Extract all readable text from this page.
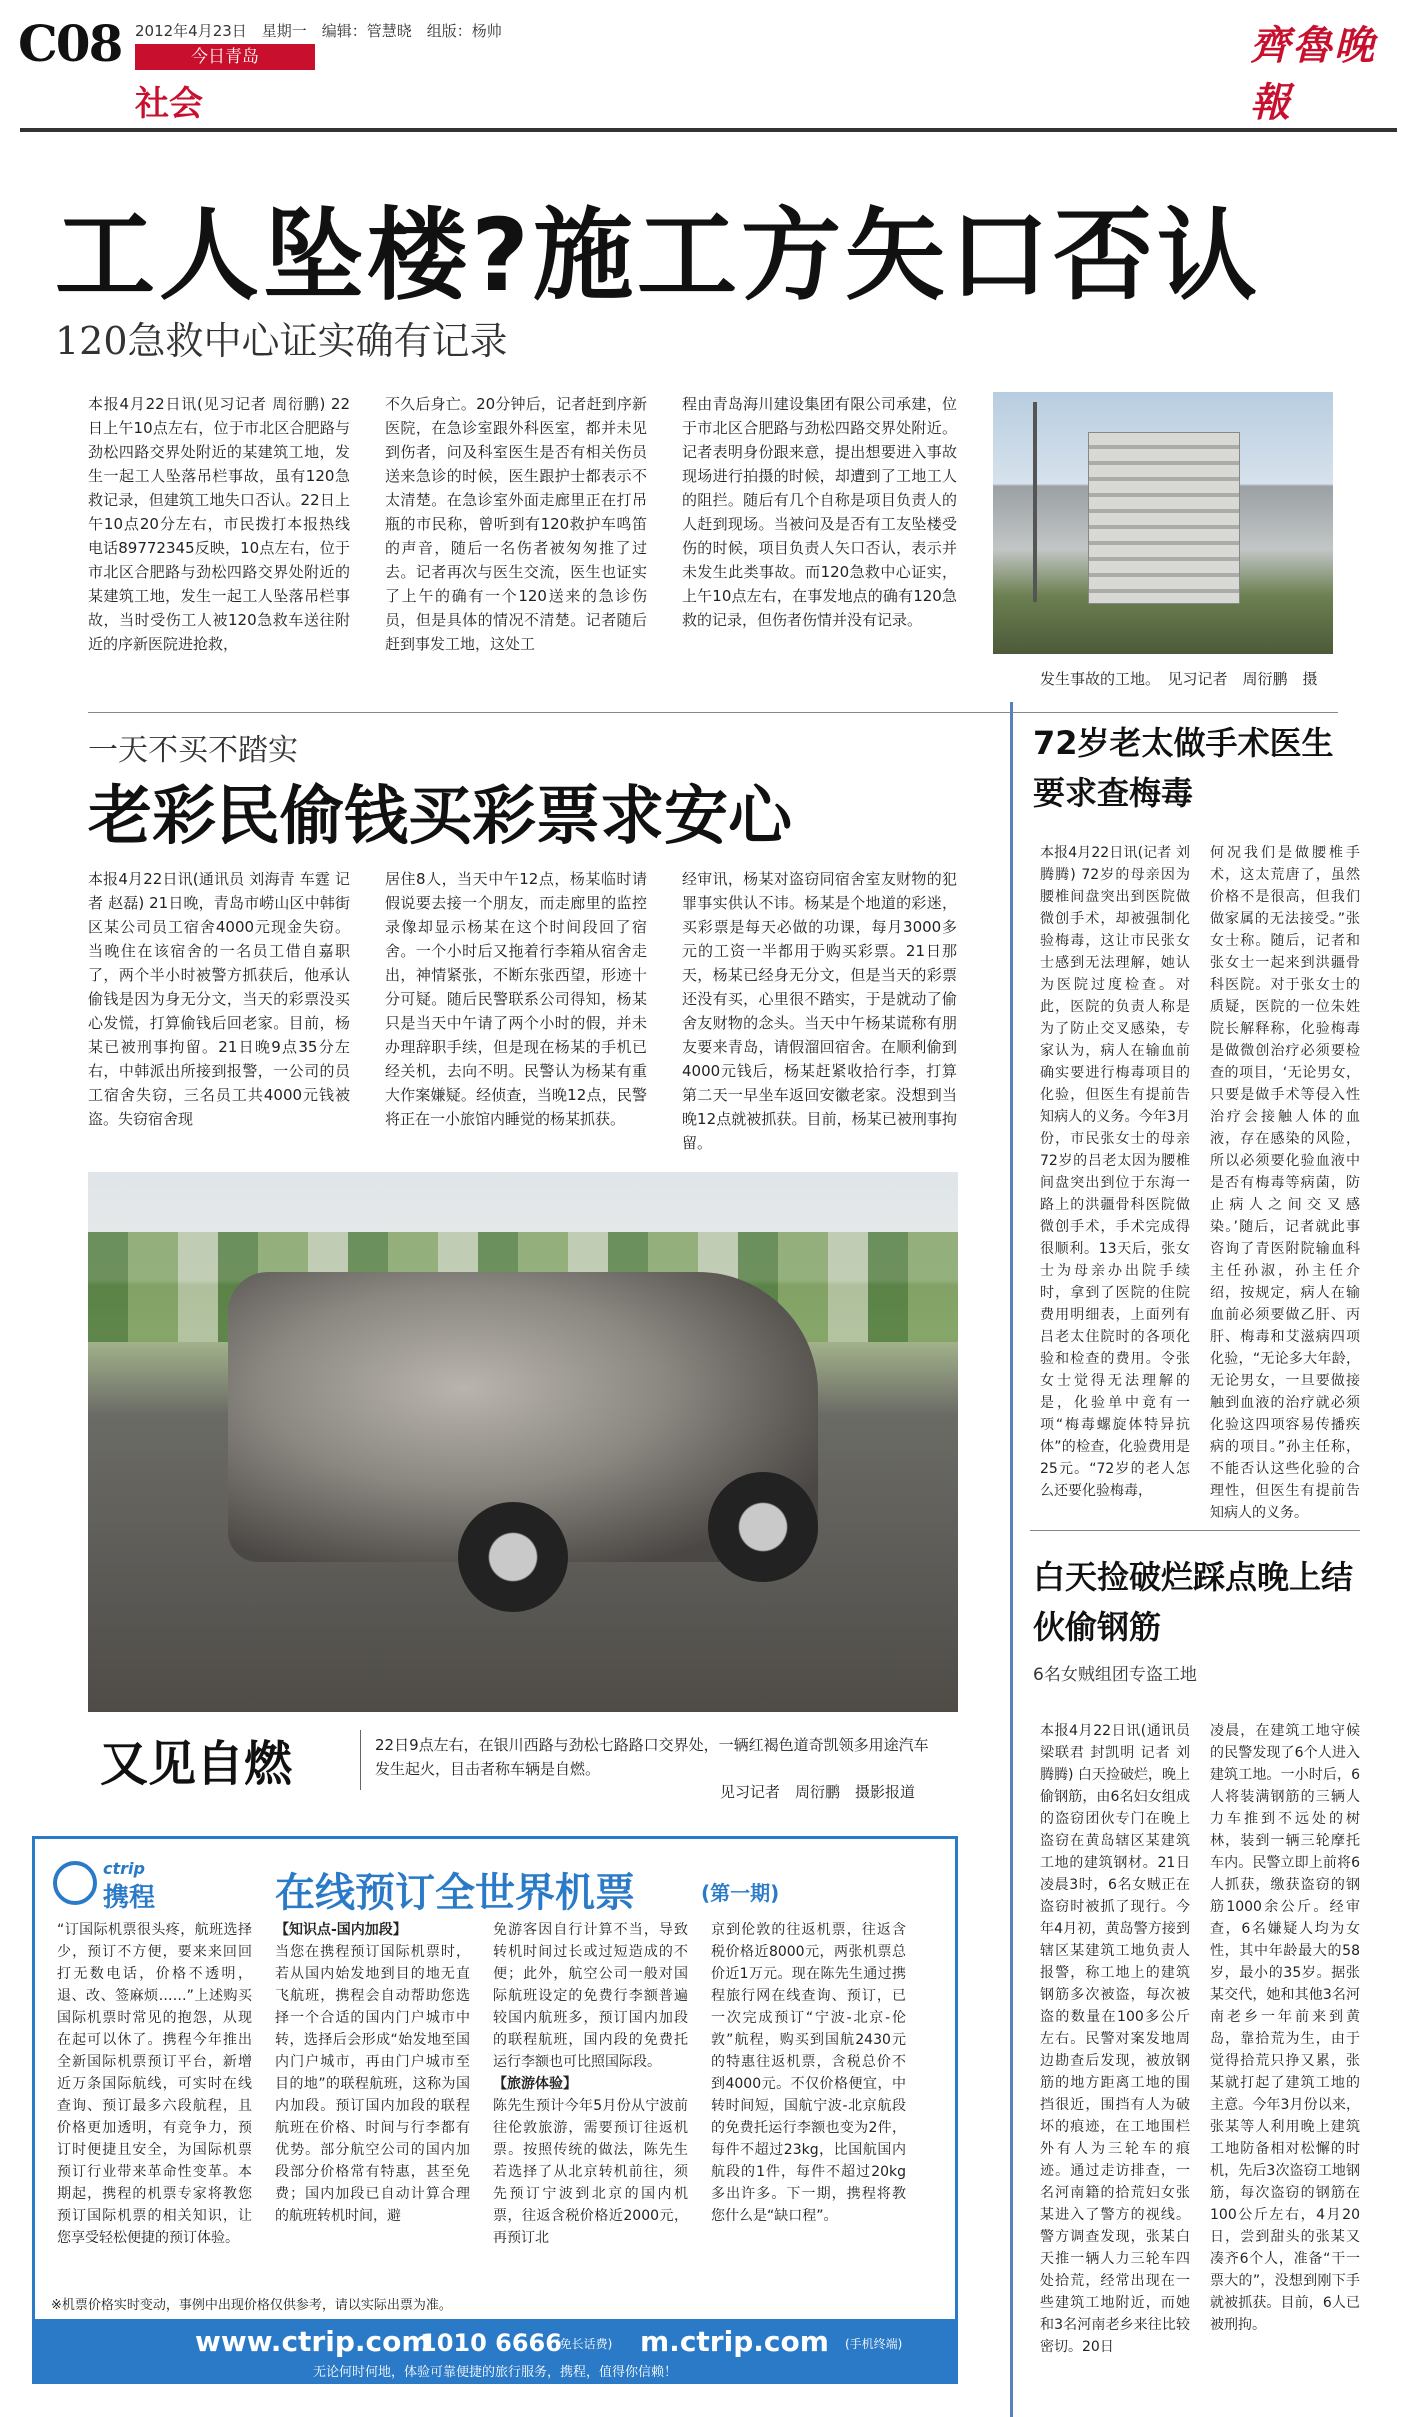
C08 2012年4月23日　星期一　编辑：管慧晓　组版：杨帅
今日青岛
社会
齊魯晚報
工人坠楼?施工方矢口否认
120急救中心证实确有记录
本报4月22日讯(见习记者 周衍鹏) 22日上午10点左右，位于市北区合肥路与劲松四路交界处附近的某建筑工地，发生一起工人坠落吊栏事故，虽有120急救记录，但建筑工地失口否认。22日上午10点20分左右，市民拨打本报热线电话89772345反映，10点左右，位于市北区合肥路与劲松四路交界处附近的某建筑工地，发生一起工人坠落吊栏事故，当时受伤工人被120急救车送往附近的序新医院进抢救，
不久后身亡。20分钟后，记者赶到序新医院，在急诊室跟外科医室，都并未见到伤者，问及科室医生是否有相关伤员送来急诊的时候，医生跟护士都表示不太清楚。在急诊室外面走廊里正在打吊瓶的市民称，曾听到有120救护车鸣笛的声音，随后一名伤者被匆匆推了过去。记者再次与医生交流，医生也证实了上午的确有一个120送来的急诊伤员，但是具体的情况不清楚。记者随后赶到事发工地，这处工
程由青岛海川建设集团有限公司承建，位于市北区合肥路与劲松四路交界处附近。记者表明身份跟来意，提出想要进入事故现场进行拍摄的时候，却遭到了工地工人的阻拦。随后有几个自称是项目负责人的人赶到现场。当被问及是否有工友坠楼受伤的时候，项目负责人矢口否认，表示并未发生此类事故。而120急救中心证实，上午10点左右，在事发地点的确有120急救的记录，但伤者伤情并没有记录。
发生事故的工地。　见习记者　周衍鹏　摄
一天不买不踏实
老彩民偷钱买彩票求安心
本报4月22日讯(通讯员 刘海青 车霆 记者 赵磊) 21日晚，青岛市崂山区中韩街区某公司员工宿舍4000元现金失窃。当晚住在该宿舍的一名员工借自嘉职了，两个半小时被警方抓获后，他承认偷钱是因为身无分文，当天的彩票没买心发慌，打算偷钱后回老家。目前，杨某已被刑事拘留。21日晚9点35分左右，中韩派出所接到报警，一公司的员工宿舍失窃，三名员工共4000元钱被盗。失窃宿舍现
居住8人，当天中午12点，杨某临时请假说要去接一个朋友，而走廊里的监控录像却显示杨某在这个时间段回了宿舍。一个小时后又拖着行李箱从宿舍走出，神情紧张，不断东张西望，形迹十分可疑。随后民警联系公司得知，杨某只是当天中午请了两个小时的假，并未办理辞职手续，但是现在杨某的手机已经关机，去向不明。民警认为杨某有重大作案嫌疑。经侦查，当晚12点，民警将正在一小旅馆内睡觉的杨某抓获。
经审讯，杨某对盗窃同宿舍室友财物的犯罪事实供认不讳。杨某是个地道的彩迷，买彩票是每天必做的功课，每月3000多元的工资一半都用于购买彩票。21日那天，杨某已经身无分文，但是当天的彩票还没有买，心里很不踏实，于是就动了偷舍友财物的念头。当天中午杨某谎称有朋友要来青岛，请假溜回宿舍。在顺利偷到4000元钱后，杨某赶紧收拾行李，打算第二天一早坐车返回安徽老家。没想到当晚12点就被抓获。目前，杨某已被刑事拘留。
又见自燃	22日9点左右，在银川西路与劲松七路路口交界处，一辆红褐色道奇凯领多用途汽车发生起火，目击者称车辆是自燃。
见习记者　周衍鹏　摄影报道
72岁老太做手术医生要求查梅毒
本报4月22日讯(记者 刘腾腾) 72岁的母亲因为腰椎间盘突出到医院做微创手术，却被强制化验梅毒，这让市民张女士感到无法理解，她认为医院过度检查。对此，医院的负责人称是为了防止交叉感染，专家认为，病人在输血前确实要进行梅毒项目的化验，但医生有提前告知病人的义务。今年3月份，市民张女士的母亲72岁的吕老太因为腰椎间盘突出到位于东海一路上的洪疆骨科医院做微创手术，手术完成得很顺利。13天后，张女士为母亲办出院手续时，拿到了医院的住院费用明细表，上面列有吕老太住院时的各项化验和检查的费用。令张女士觉得无法理解的是，化验单中竟有一项“梅毒螺旋体特异抗体”的检查，化验费用是25元。“72岁的老人怎么还要化验梅毒，
何况我们是做腰椎手术，这太荒唐了，虽然价格不是很高，但我们做家属的无法接受。”张女士称。随后，记者和张女士一起来到洪疆骨科医院。对于张女士的质疑，医院的一位朱姓院长解释称，化验梅毒是做微创治疗必须要检查的项目，‘无论男女，只要是做手术等侵入性治疗会接触人体的血液，存在感染的风险，所以必须要化验血液中是否有梅毒等病菌，防止病人之间交叉感染。’随后，记者就此事咨询了青医附院输血科主任孙淑，孙主任介绍，按规定，病人在输血前必须要做乙肝、丙肝、梅毒和艾滋病四项化验，“无论多大年龄，无论男女，一旦要做接触到血液的治疗就必须化验这四项容易传播疾病的项目。”孙主任称，不能否认这些化验的合理性，但医生有提前告知病人的义务。
白天捡破烂踩点晚上结伙偷钢筋
6名女贼组团专盗工地
本报4月22日讯(通讯员 梁联君 封凯明 记者 刘腾腾) 白天捡破烂，晚上偷钢筋，由6名妇女组成的盗窃团伙专门在晚上盗窃在黄岛辖区某建筑工地的建筑钢材。21日凌晨3时，6名女贼正在盗窃时被抓了现行。今年4月初，黄岛警方接到辖区某建筑工地负责人报警，称工地上的建筑钢筋多次被盗，每次被盗的数量在100多公斤左右。民警对案发地周边勘查后发现，被放钢筋的地方距离工地的围挡很近，围挡有人为破坏的痕迹，在工地围栏外有人为三轮车的痕迹。通过走访排查，一名河南籍的拾荒妇女张某进入了警方的视线。警方调查发现，张某白天推一辆人力三轮车四处拾荒，经常出现在一些建筑工地附近，而她和3名河南老乡来往比较密切。20日
凌晨，在建筑工地守候的民警发现了6个人进入建筑工地。一小时后，6人将装满钢筋的三辆人力车推到不远处的树林，装到一辆三轮摩托车内。民警立即上前将6人抓获，缴获盗窃的钢筋1000余公斤。经审查，6名嫌疑人均为女性，其中年龄最大的58岁，最小的35岁。据张某交代，她和其他3名河南老乡一年前来到黄岛，靠拾荒为生，由于觉得拾荒只挣又累，张某就打起了建筑工地的主意。今年3月份以来，张某等人利用晚上建筑工地防备相对松懈的时机，先后3次盗窃工地钢筋，每次盗窃的钢筋在100公斤左右，4月20日，尝到甜头的张某又凑齐6个人，准备“干一票大的”，没想到刚下手就被抓获。目前，6人已被刑拘。
ctrip
携程	在线预订全世界机票	(第一期)
“订国际机票很头疼，航班选择少，预订不方便，要来来回回打无数电话，价格不透明，退、改、签麻烦……”上述购买国际机票时常见的抱怨，从现在起可以休了。携程今年推出全新国际机票预订平台，新增近万条国际航线，可实时在线查询、预订最多六段航程，且价格更加透明，有竞争力，预订时便捷且安全，为国际机票预订行业带来革命性变革。本期起，携程的机票专家将教您预订国际机票的相关知识，让您享受轻松便捷的预订体验。
【知识点-国内加段】
当您在携程预订国际机票时，若从国内始发地到目的地无直飞航班，携程会自动帮助您选择一个合适的国内门户城市中转，选择后会形成“始发地至国内门户城市，再由门户城市至目的地”的联程航班，这称为国内加段。预订国内加段的联程航班在价格、时间与行李都有优势。部分航空公司的国内加段部分价格常有特惠，甚至免费；国内加段已自动计算合理的航班转机时间，避
免游客因自行计算不当，导致转机时间过长或过短造成的不便；此外，航空公司一般对国际航班设定的免费行李额普遍较国内航班多，预订国内加段的联程航班，国内段的免费托运行李额也可比照国际段。
【旅游体验】
陈先生预计今年5月份从宁波前往伦敦旅游，需要预订往返机票。按照传统的做法，陈先生若选择了从北京转机前往，须先预订宁波到北京的国内机票，往返含税价格近2000元，再预订北
京到伦敦的往返机票，往返含税价格近8000元，两张机票总价近1万元。现在陈先生通过携程旅行网在线查询、预订，已一次完成预订“宁波-北京-伦敦”航程，购买到国航2430元的特惠往返机票，含税总价不到4000元。不仅价格便宜，中转时间短，国航宁波-北京航段的免费托运行李额也变为2件，每件不超过23kg，比国航国内航段的1件，每件不超过20kg多出许多。下一期，携程将教您什么是“缺口程”。
※机票价格实时变动，事例中出现价格仅供参考，请以实际出票为准。
www.ctrip.com
1010 6666
(免长话费) m.ctrip.com (手机终端)
无论何时何地，体验可靠便捷的旅行服务，携程，值得你信赖！
